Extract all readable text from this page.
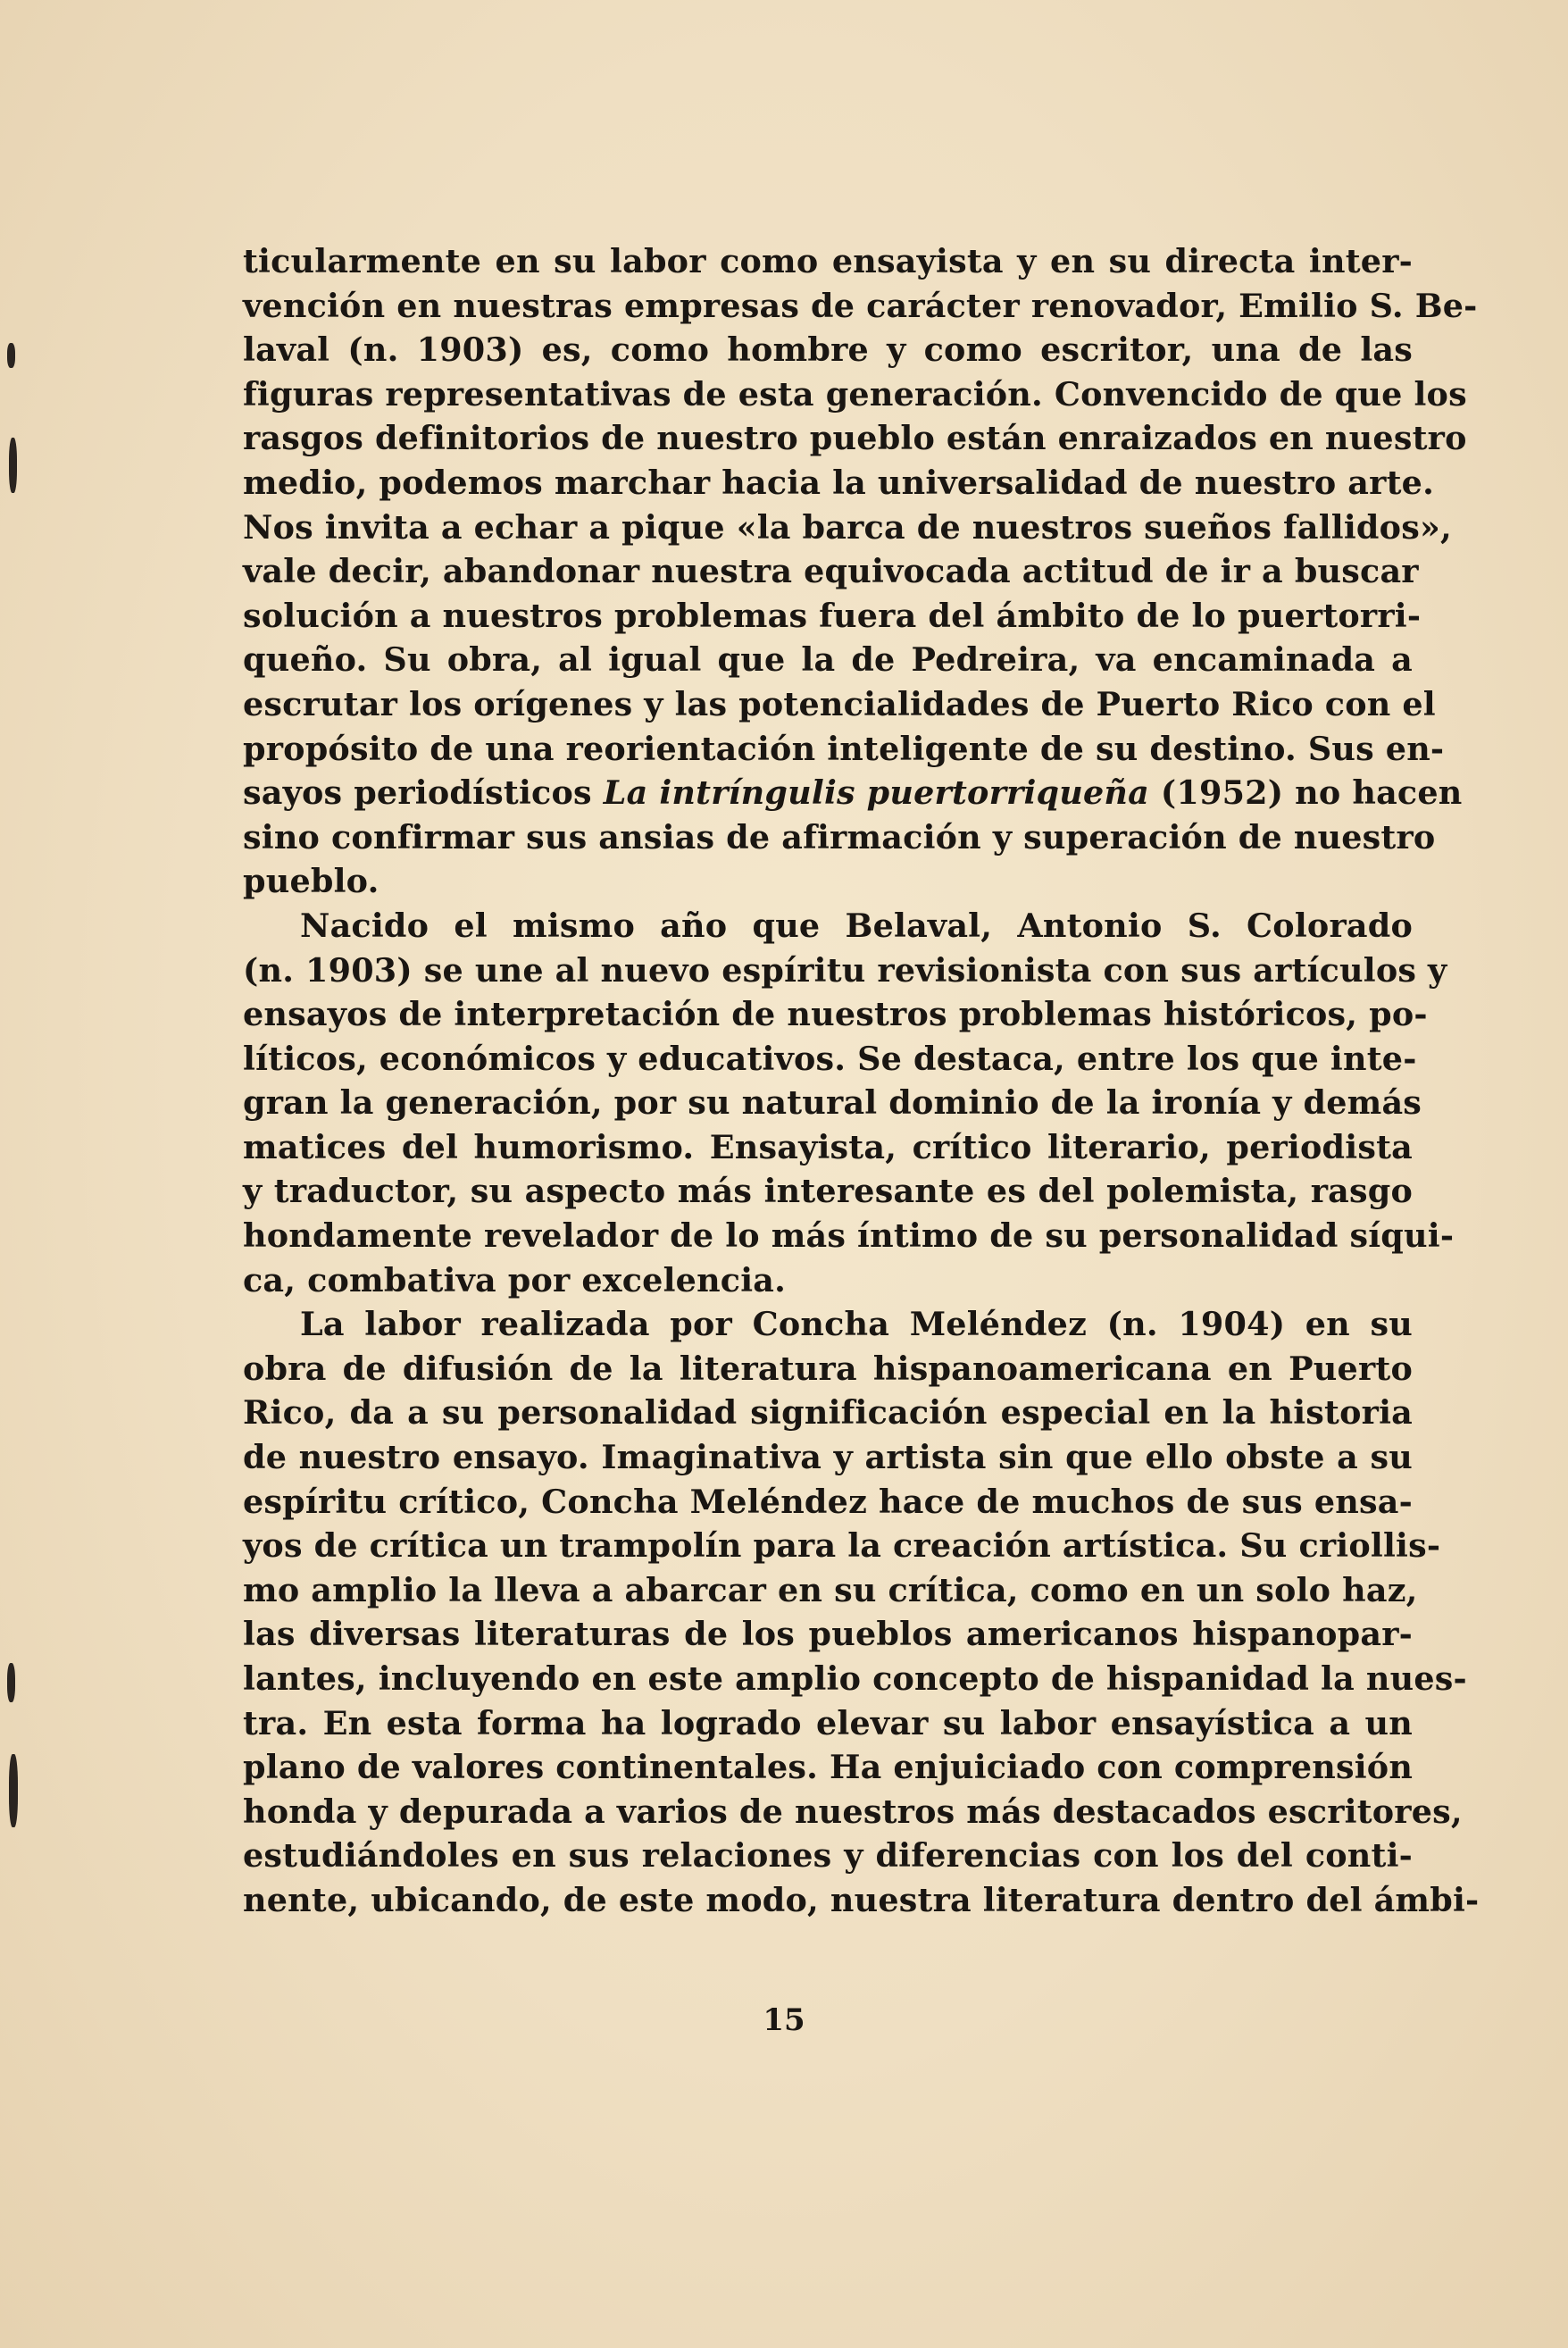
ticularmente en su labor como ensayista y en su directa inter-
vención en nuestras empresas de carácter renovador, Emilio S. Be-
laval (n. 1903) es, como hombre y como escritor, una de las
figuras representativas de esta generación. Convencido de que los
rasgos definitorios de nuestro pueblo están enraizados en nuestro
medio, podemos marchar hacia la universalidad de nuestro arte.
Nos invita a echar a pique «la barca de nuestros sueños fallidos»,
vale decir, abandonar nuestra equivocada actitud de ir a buscar
solución a nuestros problemas fuera del ámbito de lo puertorri-
queño. Su obra, al igual que la de Pedreira, va encaminada a
escrutar los orígenes y las potencialidades de Puerto Rico con el
propósito de una reorientación inteligente de su destino. Sus en-
sayos periodísticos La intríngulis puertorriqueña (1952) no hacen
sino confirmar sus ansias de afirmación y superación de nuestro
pueblo.
Nacido el mismo año que Belaval, Antonio S. Colorado
(n. 1903) se une al nuevo espíritu revisionista con sus artículos y
ensayos de interpretación de nuestros problemas históricos, po-
líticos, económicos y educativos. Se destaca, entre los que inte-
gran la generación, por su natural dominio de la ironía y demás
matices del humorismo. Ensayista, crítico literario, periodista
y traductor, su aspecto más interesante es del polemista, rasgo
hondamente revelador de lo más íntimo de su personalidad síqui-
ca, combativa por excelencia.
La labor realizada por Concha Meléndez (n. 1904) en su
obra de difusión de la literatura hispanoamericana en Puerto
Rico, da a su personalidad significación especial en la historia
de nuestro ensayo. Imaginativa y artista sin que ello obste a su
espíritu crítico, Concha Meléndez hace de muchos de sus ensa-
yos de crítica un trampolín para la creación artística. Su criollis-
mo amplio la lleva a abarcar en su crítica, como en un solo haz,
las diversas literaturas de los pueblos americanos hispanopar-
lantes, incluyendo en este amplio concepto de hispanidad la nues-
tra. En esta forma ha logrado elevar su labor ensayística a un
plano de valores continentales. Ha enjuiciado con comprensión
honda y depurada a varios de nuestros más destacados escritores,
estudiándoles en sus relaciones y diferencias con los del conti-
nente, ubicando, de este modo, nuestra literatura dentro del ámbi-
15
